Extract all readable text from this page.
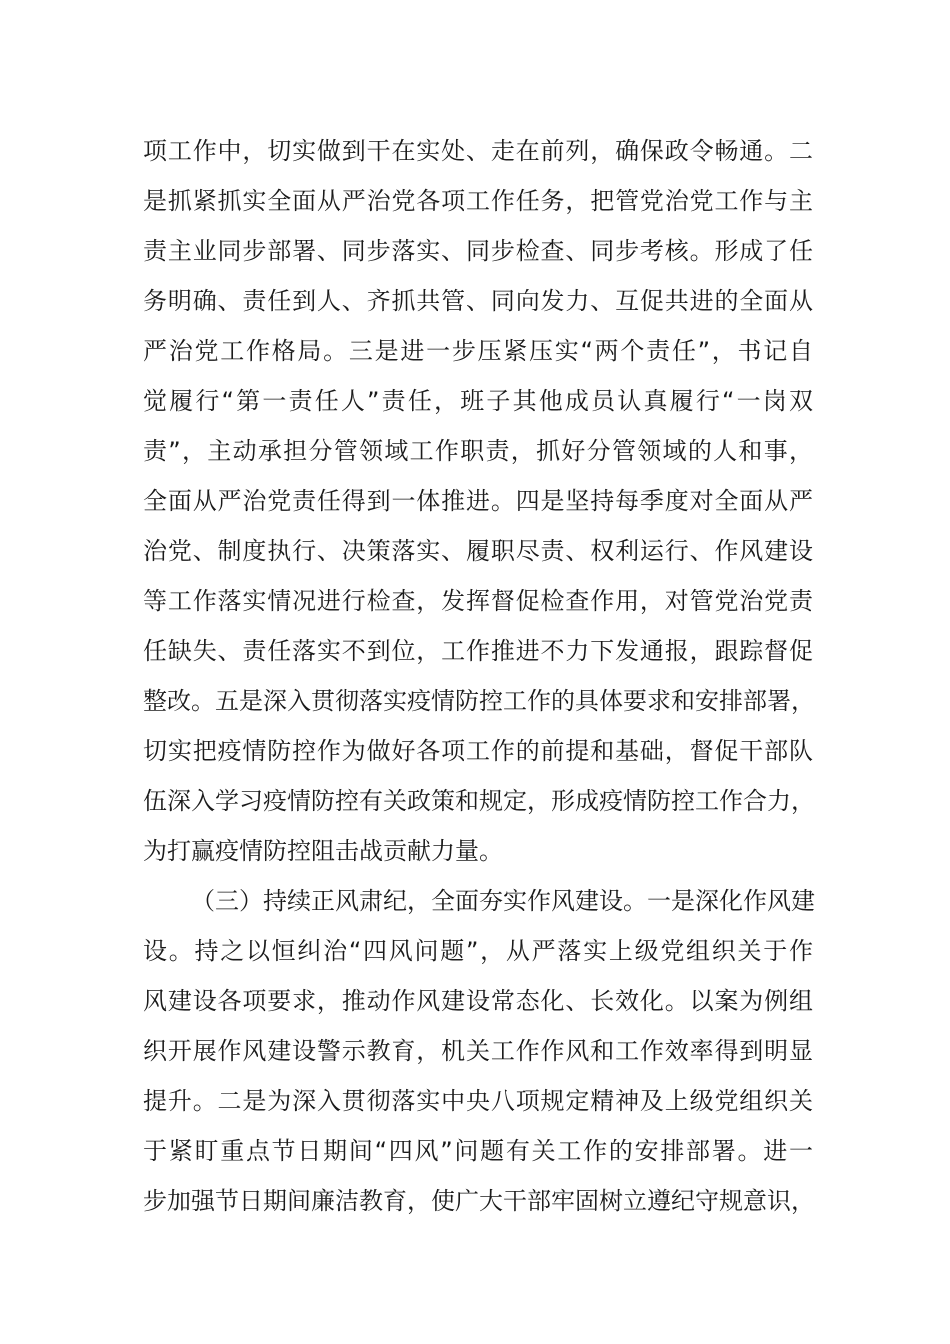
项工作中，切实做到干在实处、走在前列，确保政令畅通。二
是抓紧抓实全面从严治党各项工作任务，把管党治党工作与主
责主业同步部署、同步落实、同步检查、同步考核。形成了任
务明确、责任到人、齐抓共管、同向发力、互促共进的全面从
严治党工作格局。三是进一步压紧压实“两个责任”，书记自
觉履行“第一责任人”责任，班子其他成员认真履行“一岗双
责”，主动承担分管领域工作职责，抓好分管领域的人和事，
全面从严治党责任得到一体推进。四是坚持每季度对全面从严
治党、制度执行、决策落实、履职尽责、权利运行、作风建设
等工作落实情况进行检查，发挥督促检查作用，对管党治党责
任缺失、责任落实不到位，工作推进不力下发通报，跟踪督促
整改。五是深入贯彻落实疫情防控工作的具体要求和安排部署，
切实把疫情防控作为做好各项工作的前提和基础，督促干部队
伍深入学习疫情防控有关政策和规定，形成疫情防控工作合力，
为打赢疫情防控阻击战贡献力量。
（三）持续正风肃纪，全面夯实作风建设。一是深化作风建
设。持之以恒纠治“四风问题”，从严落实上级党组织关于作
风建设各项要求，推动作风建设常态化、长效化。以案为例组
织开展作风建设警示教育，机关工作作风和工作效率得到明显
提升。二是为深入贯彻落实中央八项规定精神及上级党组织关
于紧盯重点节日期间“四风”问题有关工作的安排部署。进一
步加强节日期间廉洁教育，使广大干部牢固树立遵纪守规意识，
